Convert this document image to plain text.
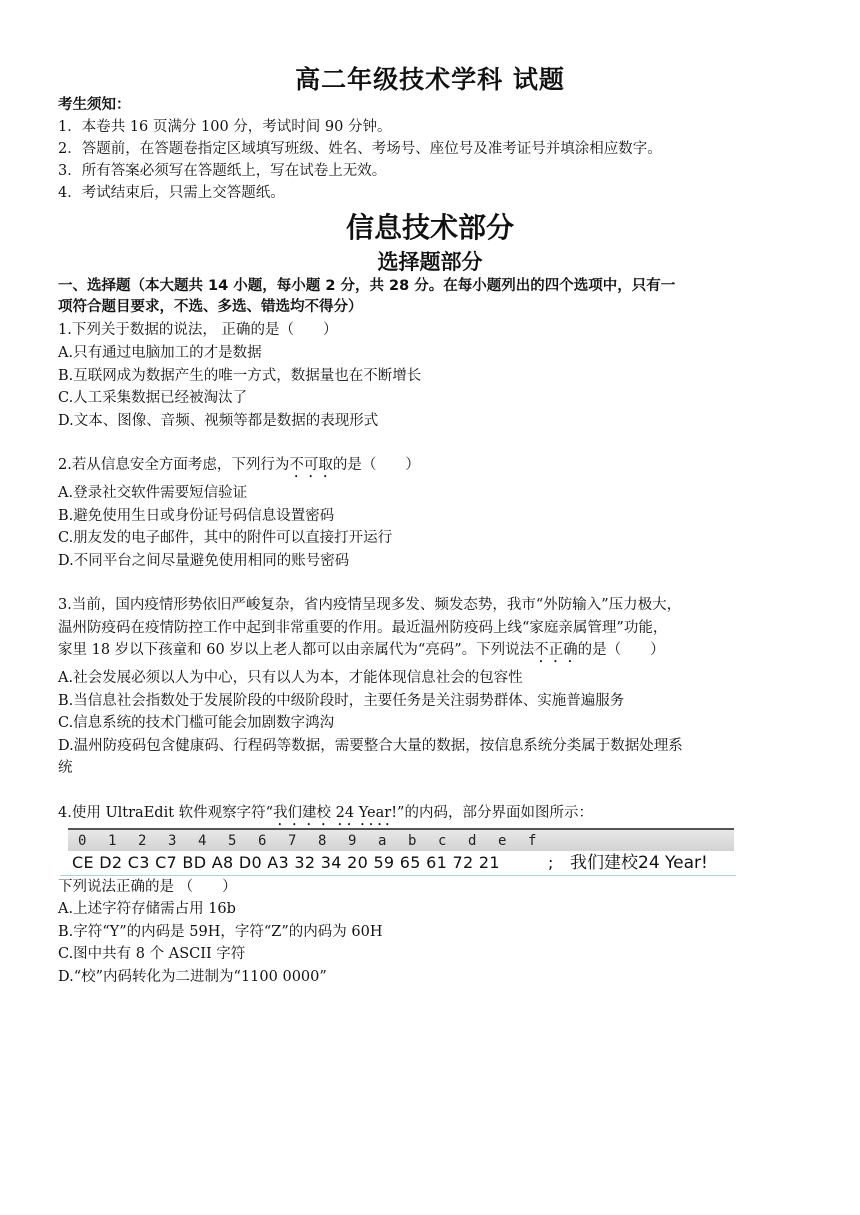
高二年级技术学科 试题
考生须知：
1．本卷共 16 页满分 100 分，考试时间 90 分钟。
2．答题前，在答题卷指定区域填写班级、姓名、考场号、座位号及准考证号并填涂相应数字。
3．所有答案必须写在答题纸上，写在试卷上无效。
4．考试结束后，只需上交答题纸。
信息技术部分
选择题部分
一、选择题（本大题共 14 小题，每小题 2 分，共 28 分。在每小题列出的四个选项中，只有一
项符合题目要求，不选、多选、错选均不得分）
1.下列关于数据的说法， 正确的是（　　）
A.只有通过电脑加工的才是数据
B.互联网成为数据产生的唯一方式，数据量也在不断增长
C.人工采集数据已经被淘汰了
D.文本、图像、音频、视频等都是数据的表现形式
2.若从信息安全方面考虑，下列行为不可取的是（　　）
A.登录社交软件需要短信验证
B.避免使用生日或身份证号码信息设置密码
C.朋友发的电子邮件，其中的附件可以直接打开运行
D.不同平台之间尽量避免使用相同的账号密码
3.当前，国内疫情形势依旧严峻复杂，省内疫情呈现多发、频发态势，我市“外防输入”压力极大，
温州防疫码在疫情防控工作中起到非常重要的作用。最近温州防疫码上线“家庭亲属管理”功能，
家里 18 岁以下孩童和 60 岁以上老人都可以由亲属代为“亮码”。下列说法不正确的是（　　）
A.社会发展必须以人为中心，只有以人为本，才能体现信息社会的包容性
B.当信息社会指数处于发展阶段的中级阶段时，主要任务是关注弱势群体、实施普遍服务
C.信息系统的技术门槛可能会加剧数字鸿沟
D.温州防疫码包含健康码、行程码等数据，需要整合大量的数据，按信息系统分类属于数据处理系
统
4.使用 UltraEdit 软件观察字符“我们建校 24 Year!”的内码，部分界面如图所示：
0 1 2 3 4 5 6 7 8 9 a b c d e f
CE D2 C3 C7 BD A8 D0 A3 32 34 20 59 65 61 72 21	; 我们建校24 Year!
下列说法正确的是 （　　）
A.上述字符存储需占用 16b
B.字符“Y”的内码是 59H，字符“Z”的内码为 60H
C.图中共有 8 个 ASCII 字符
D.“校”内码转化为二进制为“1100 0000”
